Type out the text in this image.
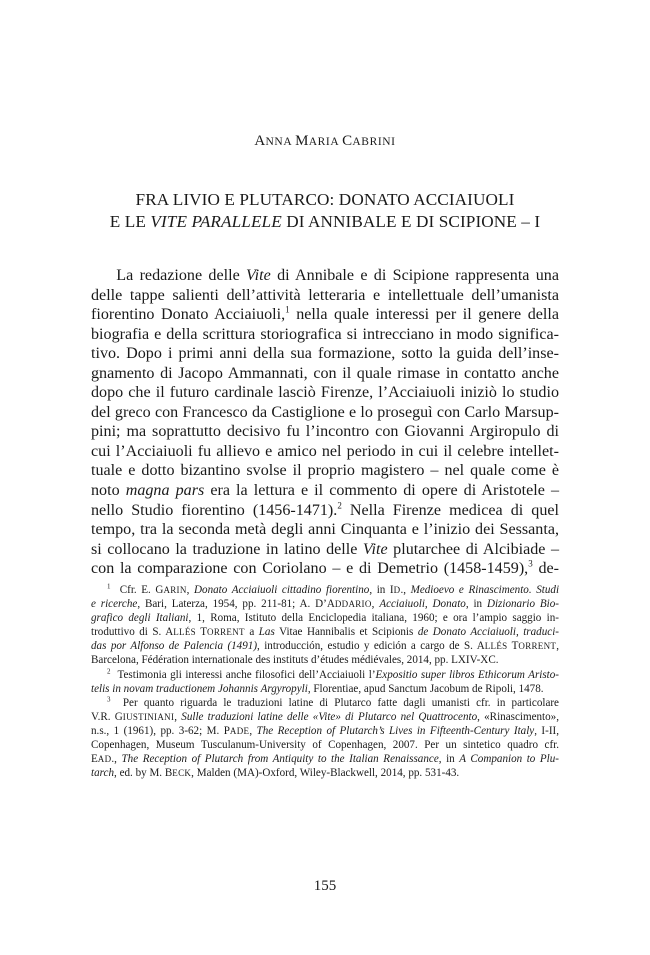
ANNA MARIA CABRINI
FRA LIVIO E PLUTARCO: DONATO ACCIAIUOLI
E LE VITE PARALLELE DI ANNIBALE E DI SCIPIONE – I
La redazione delle Vite di Annibale e di Scipione rappresenta una
delle tappe salienti dell’attività letteraria e intellettuale dell’umanista
fiorentino Donato Acciaiuoli,$^1$ nella quale interessi per il genere della
biografia e della scrittura storiografica si intrecciano in modo significa-
tivo. Dopo i primi anni della sua formazione, sotto la guida dell’inse-
gnamento di Jacopo Ammannati, con il quale rimase in contatto anche
dopo che il futuro cardinale lasciò Firenze, l’Acciaiuoli iniziò lo studio
del greco con Francesco da Castiglione e lo proseguì con Carlo Marsup-
pini; ma soprattutto decisivo fu l’incontro con Giovanni Argiropulo di
cui l’Acciaiuoli fu allievo e amico nel periodo in cui il celebre intellet-
tuale e dotto bizantino svolse il proprio magistero – nel quale come è
noto magna pars era la lettura e il commento di opere di Aristotele –
nello Studio fiorentino (1456-1471).$^2$ Nella Firenze medicea di quel
tempo, tra la seconda metà degli anni Cinquanta e l’inizio dei Sessanta,
si collocano la traduzione in latino delle Vite plutarchee di Alcibiade –
con la comparazione con Coriolano – e di Demetrio (1458-1459),$^3$ de-
$^1$ Cfr. E. GARIN, Donato Acciaiuoli cittadino fiorentino, in ID., Medioevo e Rinascimento. Studi
e ricerche, Bari, Laterza, 1954, pp. 211-81; A. D’ADDARIO, Acciaiuoli, Donato, in Dizionario Bio-
grafico degli Italiani, 1, Roma, Istituto della Enciclopedia italiana, 1960; e ora l’ampio saggio in-
troduttivo di S. ALLÉS TORRENT a Las Vitae Hannibalis et Scipionis de Donato Acciaiuoli, traduci-
das por Alfonso de Palencia (1491), introducción, estudio y edición a cargo de S. ALLÉS TORRENT,
Barcelona, Fédération internationale des instituts d’études médiévales, 2014, pp. LXIV-XC.
$^2$ Testimonia gli interessi anche filosofici dell’Acciaiuoli l’Expositio super libros Ethicorum Aristo-
telis in novam traductionem Johannis Argyropyli, Florentiae, apud Sanctum Jacobum de Ripoli, 1478.
$^3$ Per quanto riguarda le traduzioni latine di Plutarco fatte dagli umanisti cfr. in particolare
V.R. GIUSTINIANI, Sulle traduzioni latine delle «Vite» di Plutarco nel Quattrocento, «Rinascimento»,
n.s., 1 (1961), pp. 3-62; M. PADE, The Reception of Plutarch’s Lives in Fifteenth-Century Italy, I-II,
Copenhagen, Museum Tusculanum-University of Copenhagen, 2007. Per un sintetico quadro cfr.
EAD., The Reception of Plutarch from Antiquity to the Italian Renaissance, in A Companion to Plu-
tarch, ed. by M. BECK, Malden (MA)-Oxford, Wiley-Blackwell, 2014, pp. 531-43.
155
